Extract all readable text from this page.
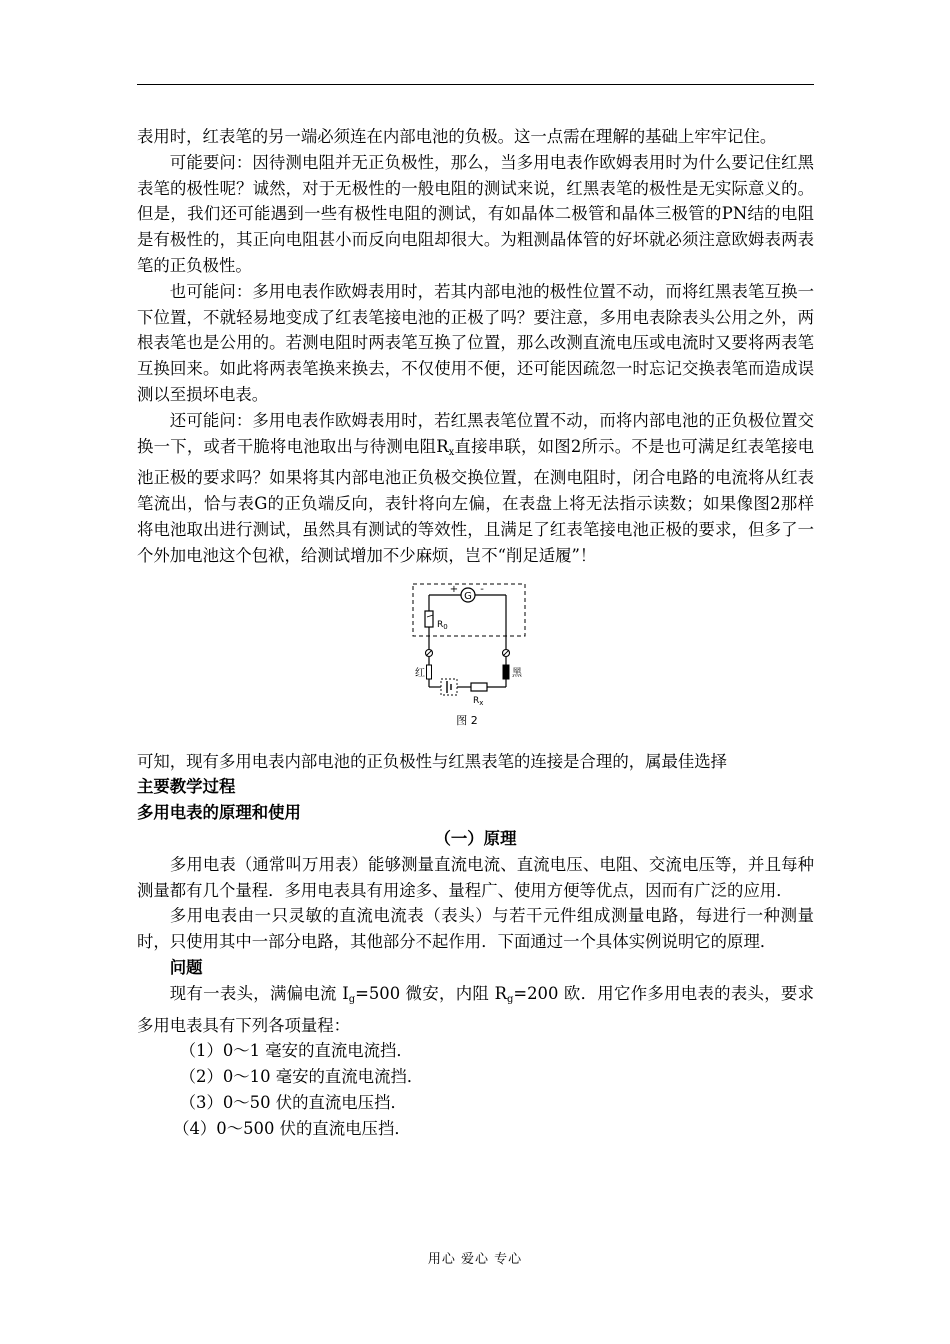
表用时，红表笔的另一端必须连在内部电池的负极。这一点需在理解的基础上牢牢记住。

可能要问：因待测电阻并无正负极性，那么，当多用电表作欧姆表用时为什么要记住红黑表笔的极性呢？诚然，对于无极性的一般电阻的测试来说，红黑表笔的极性是无实际意义的。但是，我们还可能遇到一些有极性电阻的测试，有如晶体二极管和晶体三极管的PN结的电阻是有极性的，其正向电阻甚小而反向电阻却很大。为粗测晶体管的好坏就必须注意欧姆表两表笔的正负极性。

也可能问：多用电表作欧姆表用时，若其内部电池的极性位置不动，而将红黑表笔互换一下位置，不就轻易地变成了红表笔接电池的正极了吗？要注意，多用电表除表头公用之外，两根表笔也是公用的。若测电阻时两表笔互换了位置，那么改测直流电压或电流时又要将两表笔互换回来。如此将两表笔换来换去，不仅使用不便，还可能因疏忽一时忘记交换表笔而造成误测以至损坏电表。

还可能问：多用电表作欧姆表用时，若红黑表笔位置不动，而将内部电池的正负极位置交换一下，或者干脆将电池取出与待测电阻$R_x$直接串联，如图2所示。不是也可满足红表笔接电池正极的要求吗？如果将其内部电池正负极交换位置，在测电阻时，闭合电路的电流将从红表笔流出，恰与表G的正负端反向，表针将向左偏，在表盘上将无法指示读数；如果像图2那样将电池取出进行测试，虽然具有测试的等效性，且满足了红表笔接电池正极的要求，但多了一个外加电池这个包袱，给测试增加不少麻烦，岂不“削足适履”！

G
+ -
$R_0$
红	黑
$R_x$
图 2

可知，现有多用电表内部电池的正负极性与红黑表笔的连接是合理的，属最佳选择

主要教学过程

多用电表的原理和使用

（一）原理

多用电表（通常叫万用表）能够测量直流电流、直流电压、电阻、交流电压等，并且每种测量都有几个量程．多用电表具有用途多、量程广、使用方便等优点，因而有广泛的应用．

多用电表由一只灵敏的直流电流表（表头）与若干元件组成测量电路，每进行一种测量时，只使用其中一部分电路，其他部分不起作用．下面通过一个具体实例说明它的原理．

问题

现有一表头，满偏电流 $I_g=500$ 微安，内阻 $R_g=200$ 欧．用它作多用电表的表头，要求多用电表具有下列各项量程：

（1）0～1 毫安的直流电流挡．

（2）0～10 毫安的直流电流挡．

（3）0～50 伏的直流电压挡．

（4）0～500 伏的直流电压挡．

用心 爱心 专心
